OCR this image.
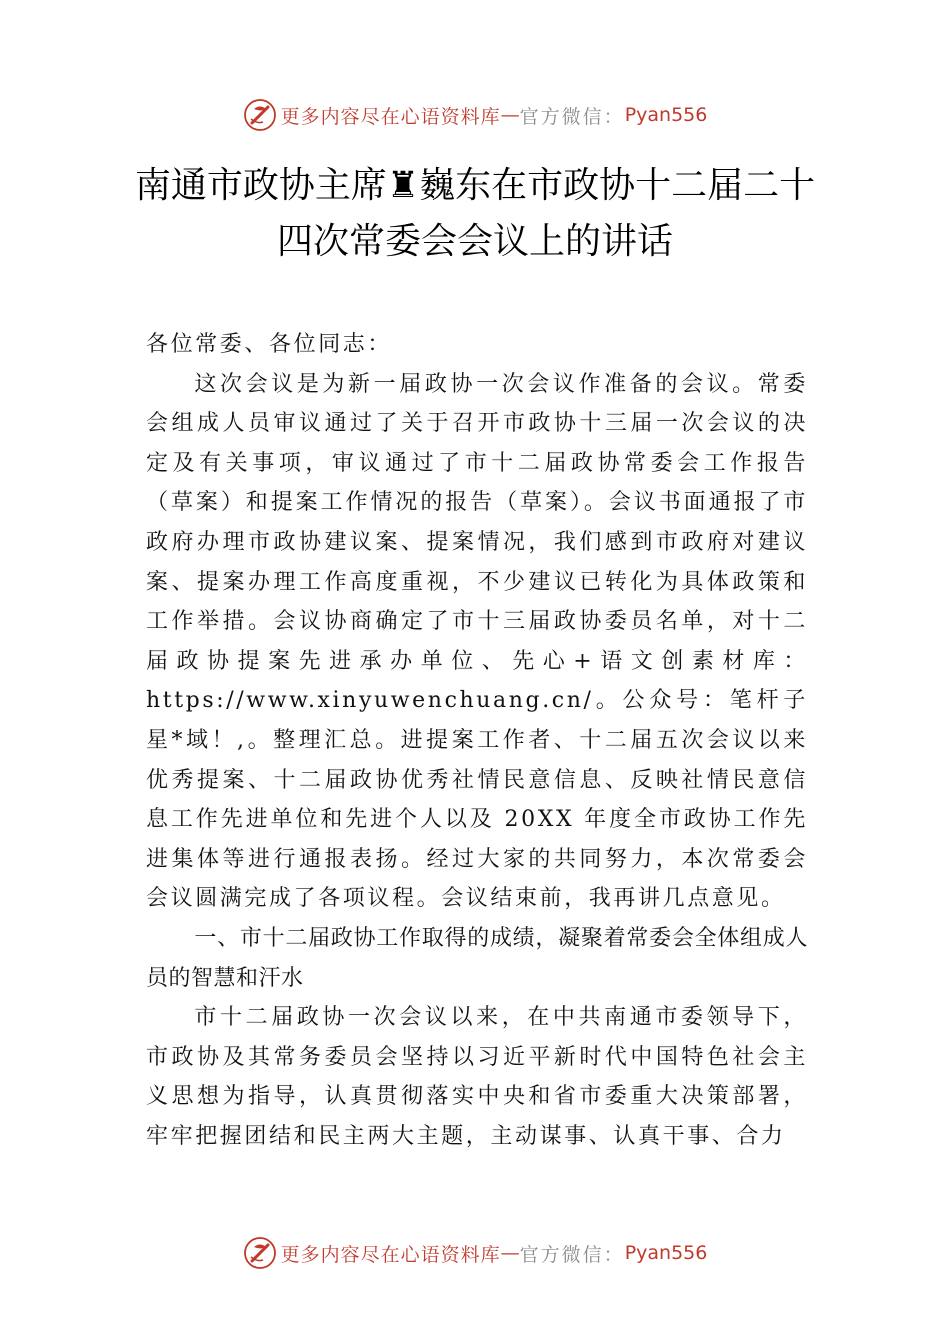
更多内容尽在心语资料库 — 官方微信： Pyan556
南通市政协主席♜巍东在市政协十二届二十四次常委会会议上的讲话

各位常委、各位同志：

这次会议是为新一届政协一次会议作准备的会议。常委会组成人员审议通过了关于召开市政协十三届一次会议的决定及有关事项，审议通过了市十二届政协常委会工作报告（草案）和提案工作情况的报告（草案）。会议书面通报了市政府办理市政协建议案、提案情况，我们感到市政府对建议案、提案办理工作高度重视，不少建议已转化为具体政策和工作举措。会议协商确定了市十三届政协委员名单，对十二届政协提案先进承办单位、先心+语文创素材库：https://www.xinyuwenchuang.cn/。公众号：笔杆子星*域！,。整理汇总。进提案工作者、十二届五次会议以来优秀提案、十二届政协优秀社情民意信息、反映社情民意信息工作先进单位和先进个人以及 20XX 年度全市政协工作先进集体等进行通报表扬。经过大家的共同努力，本次常委会会议圆满完成了各项议程。会议结束前，我再讲几点意见。

一、市十二届政协工作取得的成绩，凝聚着常委会全体组成人员的智慧和汗水

市十二届政协一次会议以来，在中共南通市委领导下，市政协及其常务委员会坚持以习近平新时代中国特色社会主义思想为指导，认真贯彻落实中央和省市委重大决策部署，牢牢把握团结和民主两大主题，主动谋事、认真干事、合力

更多内容尽在心语资料库 — 官方微信： Pyan556
